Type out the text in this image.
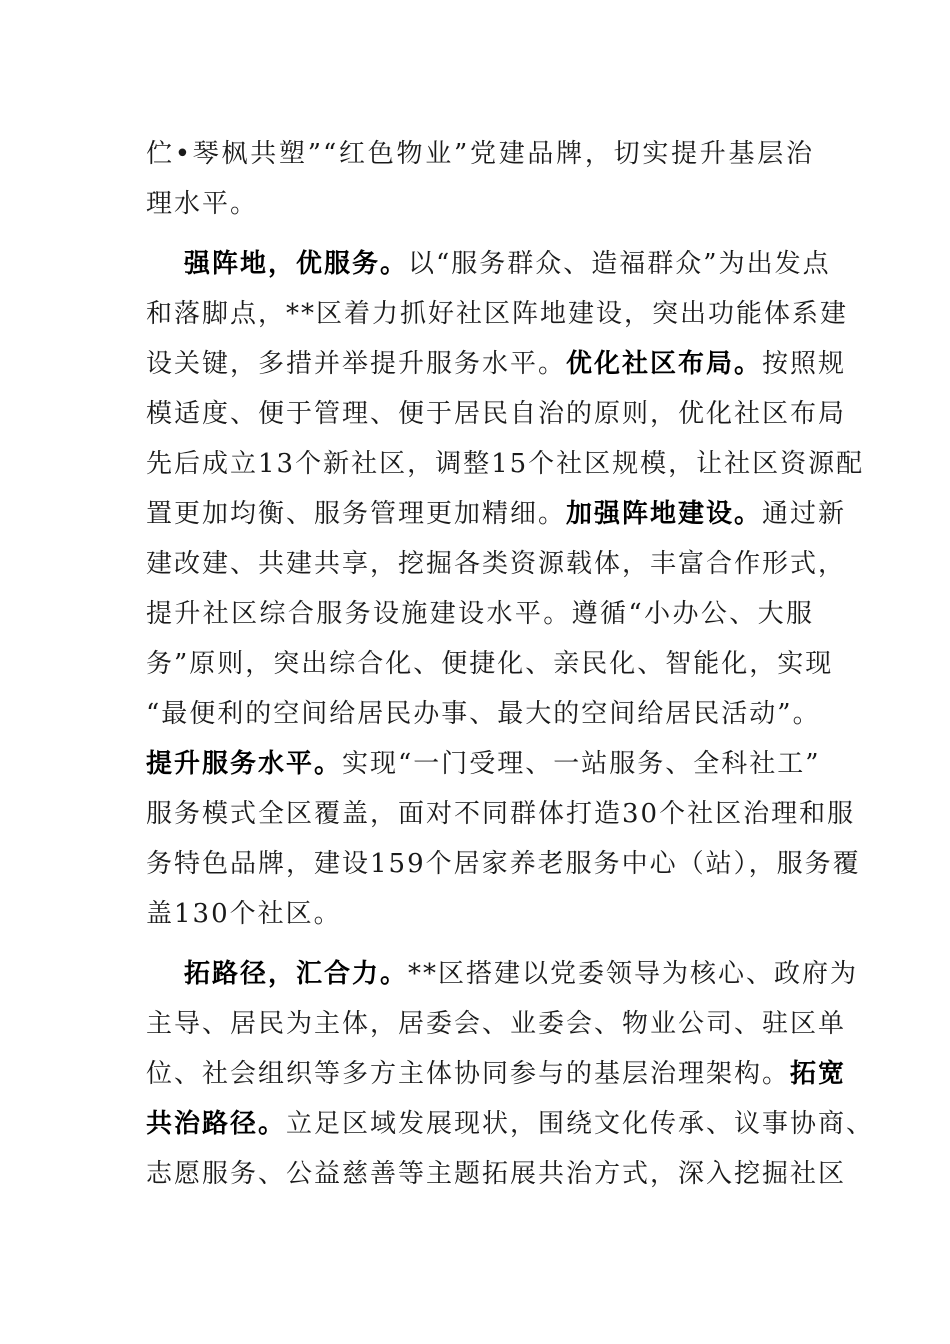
伫•琴枫共塑”“红色物业”党建品牌，切实提升基层治
理水平。
强阵地，优服务。以“服务群众、造福群众”为出发点
和落脚点，**区着力抓好社区阵地建设，突出功能体系建
设关键，多措并举提升服务水平。优化社区布局。按照规
模适度、便于管理、便于居民自治的原则，优化社区布局
先后成立13个新社区，调整15个社区规模，让社区资源配
置更加均衡、服务管理更加精细。加强阵地建设。通过新
建改建、共建共享，挖掘各类资源载体，丰富合作形式，
提升社区综合服务设施建设水平。遵循“小办公、大服
务”原则，突出综合化、便捷化、亲民化、智能化，实现
“最便利的空间给居民办事、最大的空间给居民活动”。
提升服务水平。实现“一门受理、一站服务、全科社工”
服务模式全区覆盖，面对不同群体打造30个社区治理和服
务特色品牌，建设159个居家养老服务中心（站），服务覆
盖130个社区。
拓路径，汇合力。**区搭建以党委领导为核心、政府为
主导、居民为主体，居委会、业委会、物业公司、驻区单
位、社会组织等多方主体协同参与的基层治理架构。拓宽
共治路径。立足区域发展现状，围绕文化传承、议事协商、
志愿服务、公益慈善等主题拓展共治方式，深入挖掘社区
